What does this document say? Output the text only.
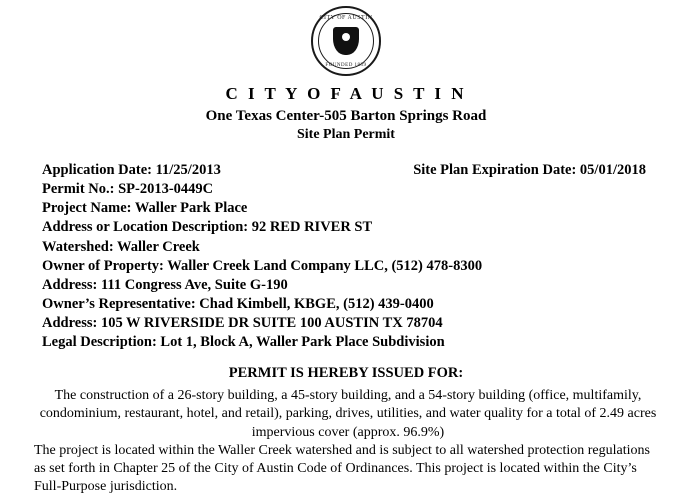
CITY OF AUSTIN
FOUNDED 1839
C I T Y O F A U S T I N
One Texas Center-505 Barton Springs Road
Site Plan Permit
Application Date: 11/25/2013	Site Plan Expiration Date: 05/01/2018
Permit No.: SP-2013-0449C
Project Name: Waller Park Place
Address or Location Description: 92 RED RIVER ST
Watershed: Waller Creek
Owner of Property: Waller Creek Land Company LLC, (512) 478-8300
Address: 111 Congress Ave, Suite G-190
Owner’s Representative: Chad Kimbell, KBGE, (512) 439-0400
Address: 105 W RIVERSIDE DR SUITE 100 AUSTIN TX 78704
Legal Description: Lot 1, Block A, Waller Park Place Subdivision
PERMIT IS HEREBY ISSUED FOR:

The construction of a 26-story building, a 45-story building, and a 54-story building (office, multifamily, condominium, restaurant, hotel, and retail), parking, drives, utilities, and water quality for a total of 2.49 acres impervious cover (approx. 96.9%)

The project is located within the Waller Creek watershed and is subject to all watershed protection regulations as set forth in Chapter 25 of the City of Austin Code of Ordinances. This project is located within the City’s Full-Purpose jurisdiction.
